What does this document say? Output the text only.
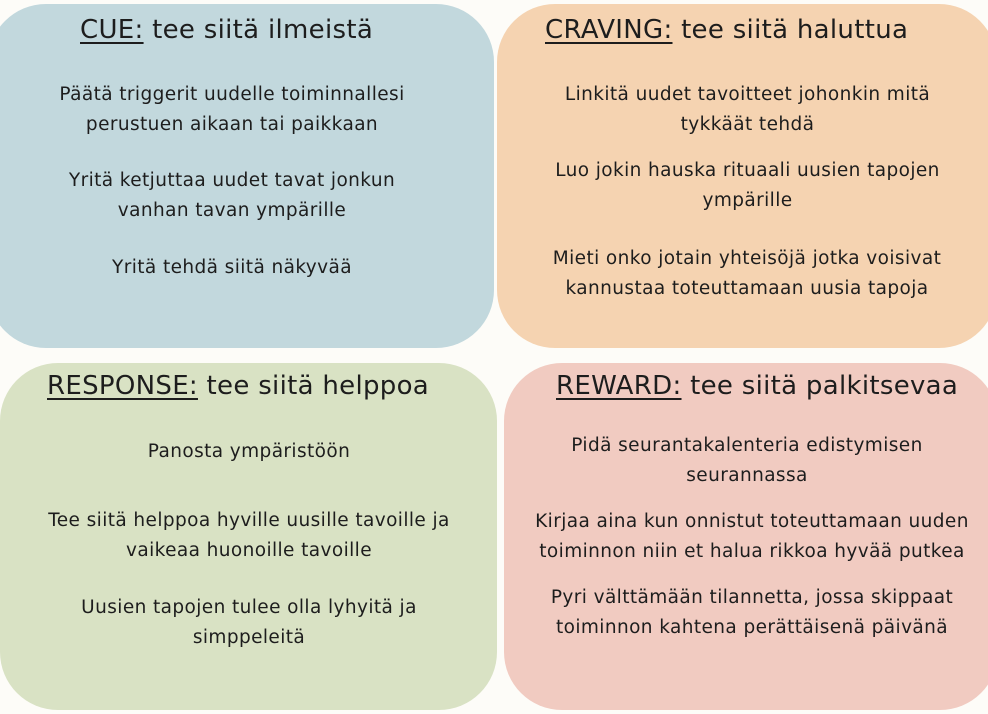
CUE: tee siitä ilmeistä

Päätä triggerit uudelle toiminnallesi perustuen aikaan tai paikkaan

Yritä ketjuttaa uudet tavat jonkun vanhan tavan ympärille

Yritä tehdä siitä näkyvää

CRAVING: tee siitä haluttua

Linkitä uudet tavoitteet johonkin mitä tykkäät tehdä

Luo jokin hauska rituaali uusien tapojen ympärille

Mieti onko jotain yhteisöjä jotka voisivat kannustaa toteuttamaan uusia tapoja

RESPONSE: tee siitä helppoa

Panosta ympäristöön

Tee siitä helppoa hyville uusille tavoille ja vaikeaa huonoille tavoille

Uusien tapojen tulee olla lyhyitä ja simppeleitä

REWARD: tee siitä palkitsevaa

Pidä seurantakalenteria edistymisen seurannassa

Kirjaa aina kun onnistut toteuttamaan uuden toiminnon niin et halua rikkoa hyvää putkea

Pyri välttämään tilannetta, jossa skippaat toiminnon kahtena perättäisenä päivänä
